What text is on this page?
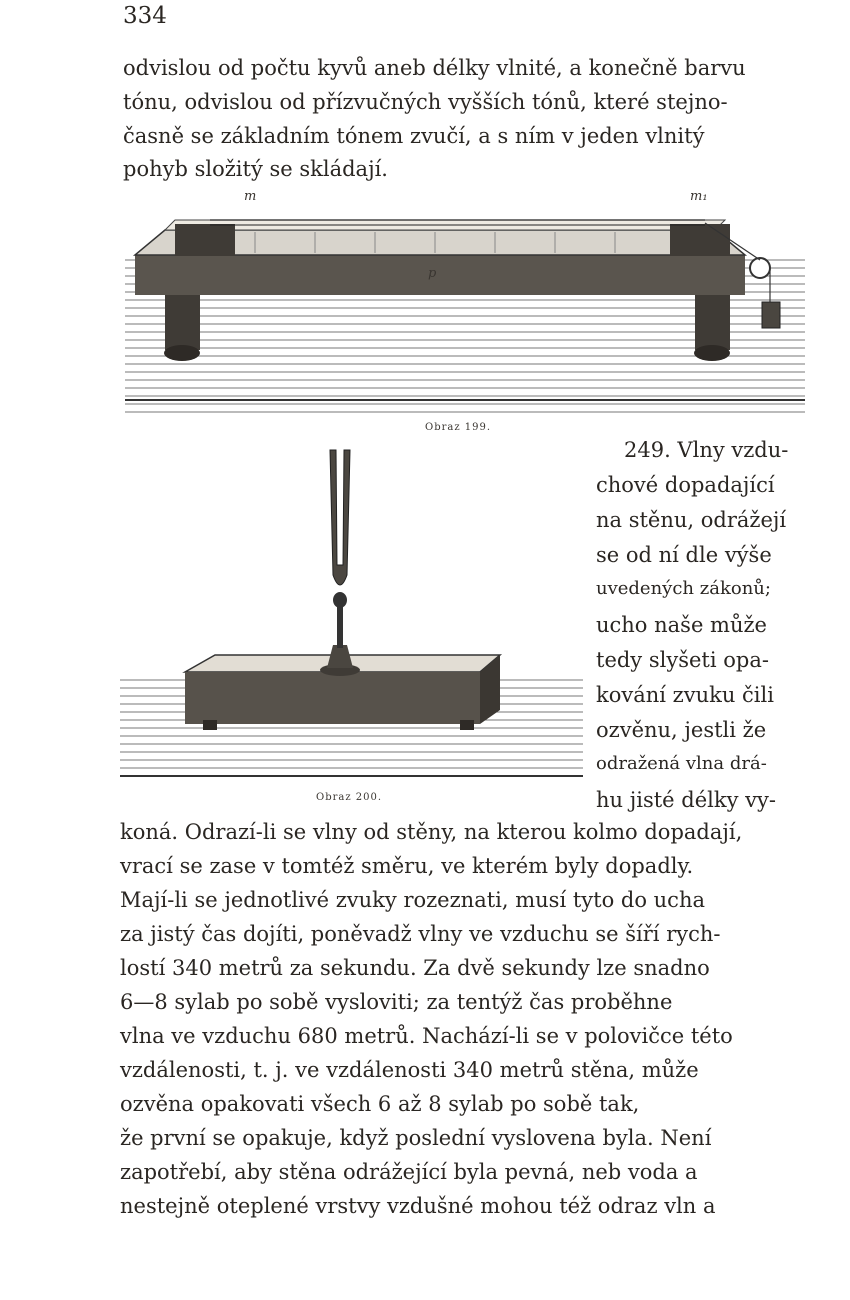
334
odvislou od počtu kyvů aneb délky vlnité, a konečně barvu
tónu, odvislou od přízvučných vyšších tónů, které stejno-
časně se základním tónem zvučí, a s ním v jeden vlnitý
pohyb složitý se skládají.
m	m₁
p
Obraz 199.
Obraz 200.
249. Vlny vzdu-
chové dopadající
na stěnu, odrážejí
se od ní dle výše
uvedených zákonů;
ucho naše může
tedy slyšeti opa-
kování zvuku čili
ozvěnu, jestli že
odražená vlna drá-
hu jisté délky vy-
koná. Odrazí-li se vlny od stěny, na kterou kolmo dopadají,
vrací se zase v tomtéž směru, ve kterém byly dopadly.
Mají-li se jednotlivé zvuky rozeznati, musí tyto do ucha
za jistý čas dojíti, poněvadž vlny ve vzduchu se šíří rych-
lostí 340 metrů za sekundu. Za dvě sekundy lze snadno
6—8 sylab po sobě vysloviti; za tentýž čas proběhne
vlna ve vzduchu 680 metrů. Nachází-li se v polovičce této
vzdálenosti, t. j. ve vzdálenosti 340 metrů stěna, může
ozvěna opakovati všech 6 až 8 sylab po sobě tak,
že první se opakuje, když poslední vyslovena byla. Není
zapotřebí, aby stěna odrážející byla pevná, neb voda a
nestejně oteplené vrstvy vzdušné mohou též odraz vln a
